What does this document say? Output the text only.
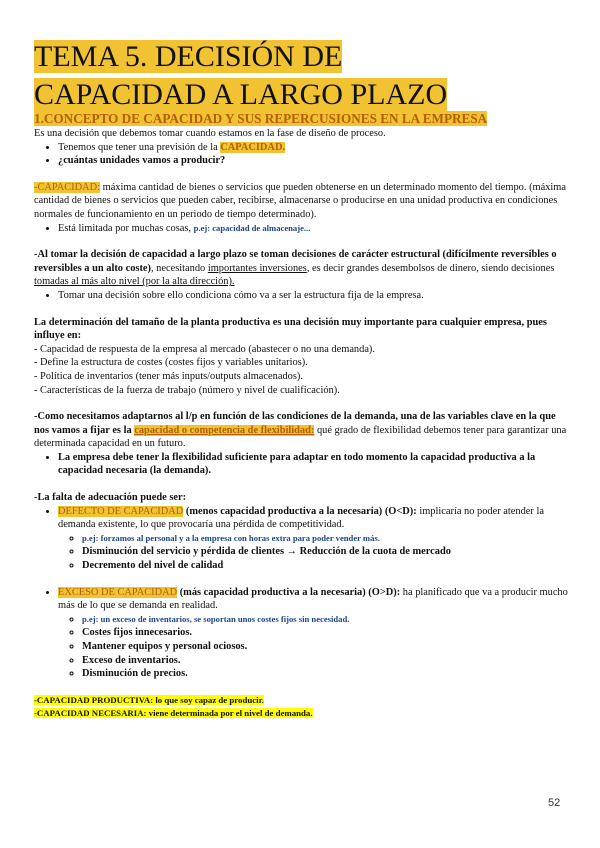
TEMA 5. DECISIÓN DE
CAPACIDAD A LARGO PLAZO
1.CONCEPTO DE CAPACIDAD Y SUS REPERCUSIONES EN LA EMPRESA

Es una decisión que debemos tomar cuando estamos en la fase de diseño de proceso.

• Tenemos que tener una previsión de la CAPACIDAD.
• ¿cuántas unidades vamos a producir?

-CAPACIDAD: máxima cantidad de bienes o servicios que pueden obtenerse en un determinado momento del tiempo. (máxima cantidad de bienes o servicios que pueden caber, recibirse, almacenarse o producirse en una unidad productiva en condiciones normales de funcionamiento en un periodo de tiempo determinado).

• Está limitada por muchas cosas, p.ej: capacidad de almacenaje...

-Al tomar la decisión de capacidad a largo plazo se toman decisiones de carácter estructural (difícilmente reversibles o reversibles a un alto coste), necesitando importantes inversiones, es decir grandes desembolsos de dinero, siendo decisiones tomadas al más alto nivel (por la alta dirección).

• Tomar una decisión sobre ello condiciona cómo va a ser la estructura fija de la empresa.

La determinación del tamaño de la planta productiva es una decisión muy importante para cualquier empresa, pues influye en:

- Capacidad de respuesta de la empresa al mercado (abastecer o no una demanda).

- Define la estructura de costes (costes fijos y variables unitarios).

- Política de inventarios (tener más inputs/outputs almacenados).

- Características de la fuerza de trabajo (número y nivel de cualificación).

-Como necesitamos adaptarnos al l/p en función de las condiciones de la demanda, una de las variables clave en la que nos vamos a fijar es la capacidad o competencia de flexibilidad: qué grado de flexibilidad debemos tener para garantizar una determinada capacidad en un futuro.

• La empresa debe tener la flexibilidad suficiente para adaptar en todo momento la capacidad productiva a la capacidad necesaria (la demanda).

-La falta de adecuación puede ser:

• DEFECTO DE CAPACIDAD (menos capacidad productiva a la necesaria) (O<D): implicaría no poder atender la demanda existente, lo que provocaría una pérdida de competitividad.
◦ p.ej: forzamos al personal y a la empresa con horas extra para poder vender más.
◦ Disminución del servicio y pérdida de clientes → Reducción de la cuota de mercado
◦ Decremento del nivel de calidad
• EXCESO DE CAPACIDAD (más capacidad productiva a la necesaria) (O>D): ha planificado que va a producir mucho más de lo que se demanda en realidad.
◦ p.ej: un exceso de inventarios, se soportan unos costes fijos sin necesidad.
◦ Costes fijos innecesarios.
◦ Mantener equipos y personal ociosos.
◦ Exceso de inventarios.
◦ Disminución de precios.

-CAPACIDAD PRODUCTIVA: lo que soy capaz de producir.

-CAPACIDAD NECESARIA: viene determinada por el nivel de demanda.

52
